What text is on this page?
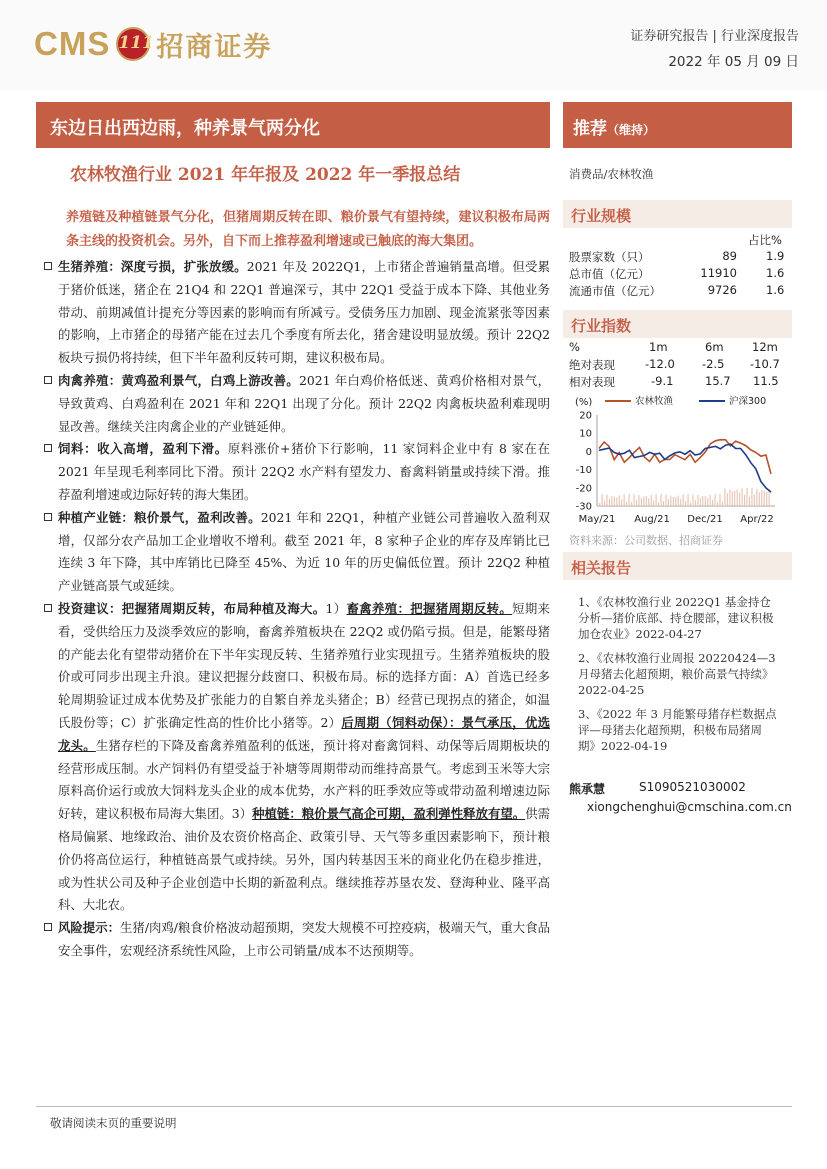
CMS 111 招商证券	证券研究报告 | 行业深度报告
2022 年 05 月 09 日
东边日出西边雨，种养景气两分化
农林牧渔行业 2021 年年报及 2022 年一季报总结
养殖链及种植链景气分化，但猪周期反转在即、粮价景气有望持续，建议积极布局两条主线的投资机会。另外，自下而上推荐盈利增速或已触底的海大集团。

生猪养殖：深度亏损，扩张放缓。2021 年及 2022Q1，上市猪企普遍销量高增。但受累于猪价低迷，猪企在 21Q4 和 22Q1 普遍深亏，其中 22Q1 受益于成本下降、其他业务带动、前期减值计提充分等因素的影响而有所减亏。受债务压力加剧、现金流紧张等因素的影响，上市猪企的母猪产能在过去几个季度有所去化，猪舍建设明显放缓。预计 22Q2 板块亏损仍将持续，但下半年盈利反转可期，建议积极布局。

肉禽养殖：黄鸡盈利景气，白鸡上游改善。2021 年白鸡价格低迷、黄鸡价格相对景气，导致黄鸡、白鸡盈利在 2021 年和 22Q1 出现了分化。预计 22Q2 肉禽板块盈利难现明显改善。继续关注肉禽企业的产业链延伸。

饲料：收入高增，盈利下滑。原料涨价+猪价下行影响，11 家饲料企业中有 8 家在在 2021 年呈现毛利率同比下滑。预计 22Q2 水产料有望发力、畜禽料销量或持续下滑。推荐盈利增速或边际好转的海大集团。

种植产业链：粮价景气，盈利改善。2021 年和 22Q1，种植产业链公司普遍收入盈利双增，仅部分农产品加工企业增收不增利。截至 2021 年，8 家种子企业的库存及库销比已连续 3 年下降，其中库销比已降至 45%、为近 10 年的历史偏低位置。预计 22Q2 种植产业链高景气或延续。

投资建议：把握猪周期反转，布局种植及海大。1）畜禽养殖：把握猪周期反转。短期来看，受供给压力及淡季效应的影响，畜禽养殖板块在 22Q2 或仍陷亏损。但是，能繁母猪的产能去化有望带动猪价在下半年实现反转、生猪养殖行业实现扭亏。生猪养殖板块的股价或可同步出现主升浪。建议把握分歧窗口、积极布局。标的选择方面：A）首选已经多轮周期验证过成本优势及扩张能力的自繁自养龙头猪企；B）经营已现拐点的猪企，如温氏股份等；C）扩张确定性高的性价比小猪等。2）后周期（饲料动保）：景气承压，优选龙头。生猪存栏的下降及畜禽养殖盈利的低迷，预计将对畜禽饲料、动保等后周期板块的经营形成压制。水产饲料仍有望受益于补塘等周期带动而维持高景气。考虑到玉米等大宗原料高价运行或放大饲料龙头企业的成本优势，水产料的旺季效应等或带动盈利增速边际好转，建议积极布局海大集团。3）种植链：粮价景气高企可期，盈利弹性释放有望。供需格局偏紧、地缘政治、油价及农资价格高企、政策引导、天气等多重因素影响下，预计粮价仍将高位运行，种植链高景气或持续。另外，国内转基因玉米的商业化仍在稳步推进，或为性状公司及种子企业创造中长期的新盈利点。继续推荐苏垦农发、登海种业、隆平高科、大北农。

风险提示：生猪/肉鸡/粮食价格波动超预期，突发大规模不可控疫病，极端天气，重大食品安全事件，宏观经济系统性风险，上市公司销量/成本不达预期等。

推荐（维持）
消费品/农林牧渔
行业规模
占比%
股票家数（只）	89	1.9
总市值（亿元）	11910	1.6
流通市值（亿元）	9726	1.6
行业指数
%	1m	6m 12m
绝对表现	-12.0 -2.5 -10.7
相对表现	-9.1	15.7 11.5
(%)
20
10
0
-10
-20
-30
May/21 Aug/21 Dec/21 Apr/22
农林牧渔	沪深300
资料来源：公司数据、招商证券
相关报告
1、《农林牧渔行业 2022Q1 基金持仓分析—猪价底部、持仓腰部，建议积极加仓农业》2022-04-27
2、《农林牧渔行业周报 20220424—3 月母猪去化超预期，粮价高景气持续》2022-04-25
3、《2022 年 3 月能繁母猪存栏数据点评—母猪去化超预期，积极布局猪周期》2022-04-19
熊承慧	S1090521030002
xiongchenghui@cmschina.com.cn
敬请阅读末页的重要说明
